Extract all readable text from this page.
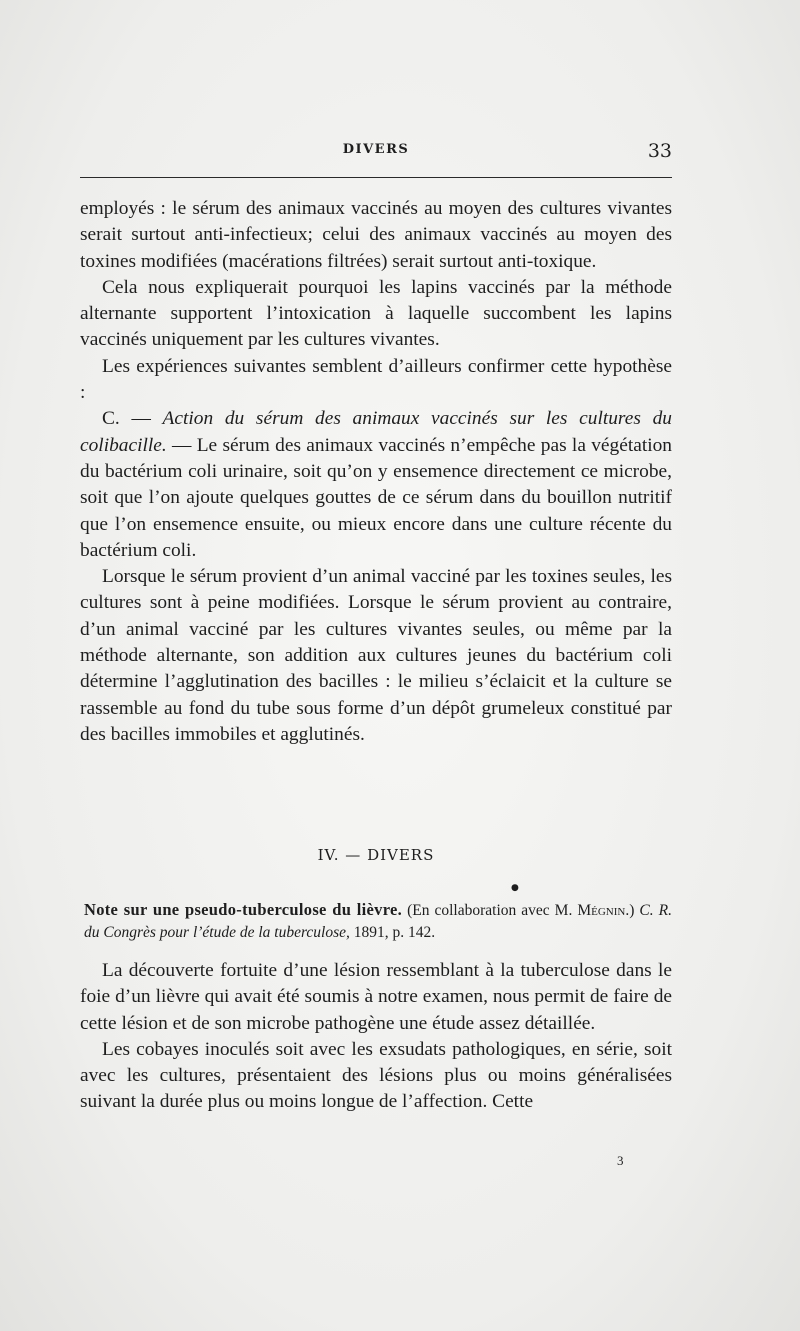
DIVERS	33

employés : le sérum des animaux vaccinés au moyen des cultures vivantes serait surtout anti-infectieux; celui des animaux vaccinés au moyen des toxines modifiées (macérations filtrées) serait surtout anti-toxique.

Cela nous expliquerait pourquoi les lapins vaccinés par la méthode alternante supportent l’intoxication à laquelle succombent les lapins vaccinés uniquement par les cultures vivantes.

Les expériences suivantes semblent d’ailleurs confirmer cette hypothèse :

C. — Action du sérum des animaux vaccinés sur les cultures du colibacille. — Le sérum des animaux vaccinés n’empêche pas la végétation du bactérium coli urinaire, soit qu’on y ensemence directement ce microbe, soit que l’on ajoute quelques gouttes de ce sérum dans du bouillon nutritif que l’on ensemence ensuite, ou mieux encore dans une culture récente du bactérium coli.

Lorsque le sérum provient d’un animal vacciné par les toxines seules, les cultures sont à peine modifiées. Lorsque le sérum provient au contraire, d’un animal vacciné par les cultures vivantes seules, ou même par la méthode alternante, son addition aux cultures jeunes du bactérium coli détermine l’agglutination des bacilles : le milieu s’éclaicit et la culture se rassemble au fond du tube sous forme d’un dépôt grumeleux constitué par des bacilles immobiles et agglutinés.

IV. — DIVERS
●
Note sur une pseudo-tuberculose du lièvre. (En collaboration avec M. Mégnin.) C. R. du Congrès pour l’étude de la tuberculose, 1891, p. 142.

La découverte fortuite d’une lésion ressemblant à la tuberculose dans le foie d’un lièvre qui avait été soumis à notre examen, nous permit de faire de cette lésion et de son microbe pathogène une étude assez détaillée.

Les cobayes inoculés soit avec les exsudats pathologiques, en série, soit avec les cultures, présentaient des lésions plus ou moins généralisées suivant la durée plus ou moins longue de l’affection. Cette

3
